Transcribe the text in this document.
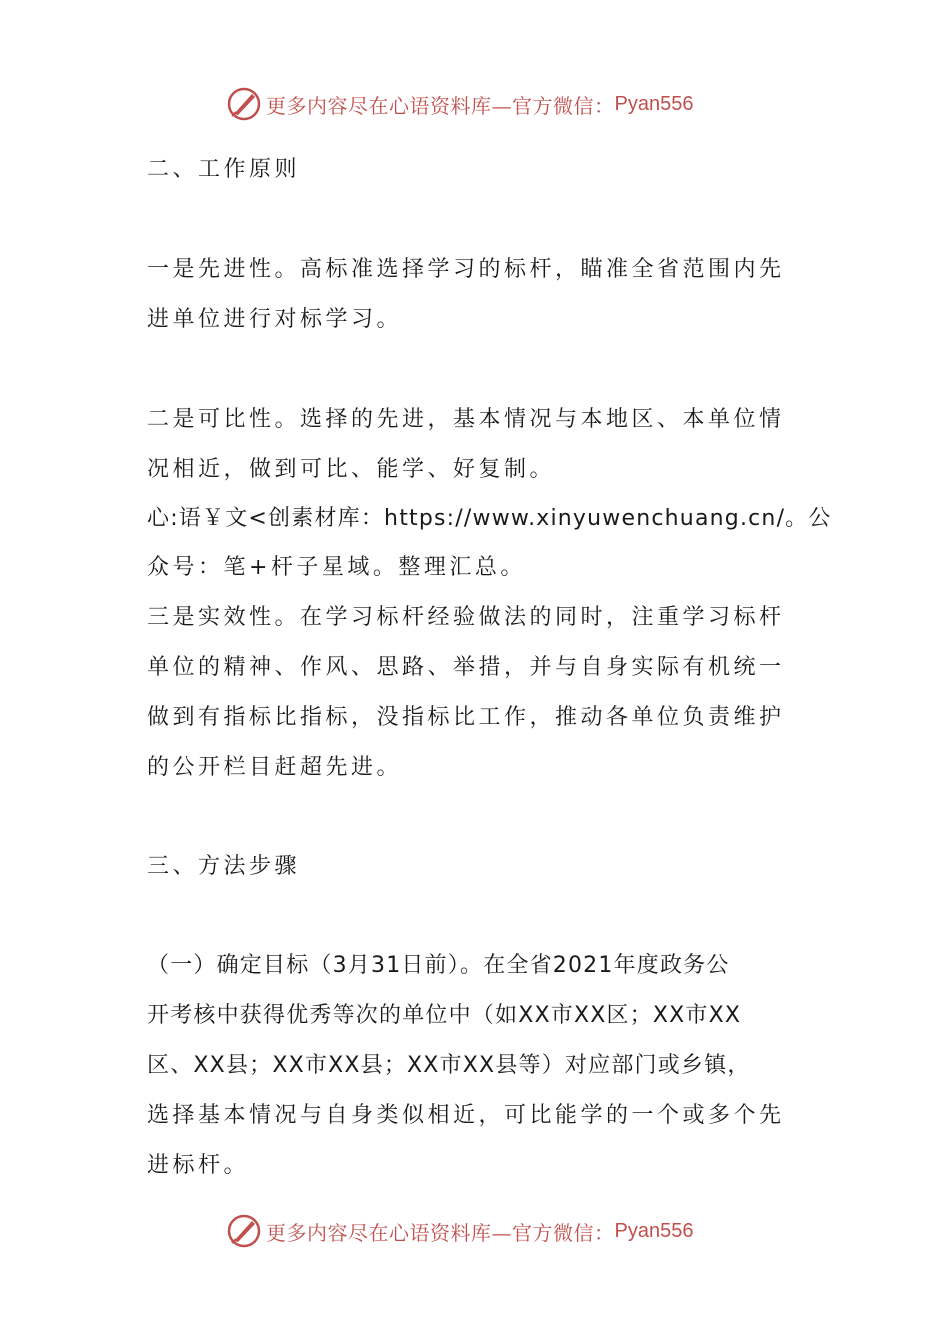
更多内容尽在心语资料库—官方微信： Pyan556
二、工作原则
一是先进性。高标准选择学习的标杆，瞄准全省范围内先
进单位进行对标学习。
二是可比性。选择的先进，基本情况与本地区、本单位情
况相近，做到可比、能学、好复制。
心:语￥文<创素材库：https://www.xinyuwenchuang.cn/。公
众号：笔+杆子星域。整理汇总。
三是实效性。在学习标杆经验做法的同时，注重学习标杆
单位的精神、作风、思路、举措，并与自身实际有机统一
做到有指标比指标，没指标比工作，推动各单位负责维护
的公开栏目赶超先进。
三、方法步骤
（一）确定目标（3月31日前）。在全省2021年度政务公
开考核中获得优秀等次的单位中（如XX市XX区；XX市XX
区、XX县；XX市XX县；XX市XX县等）对应部门或乡镇，
选择基本情况与自身类似相近，可比能学的一个或多个先
进标杆。
更多内容尽在心语资料库—官方微信： Pyan556
